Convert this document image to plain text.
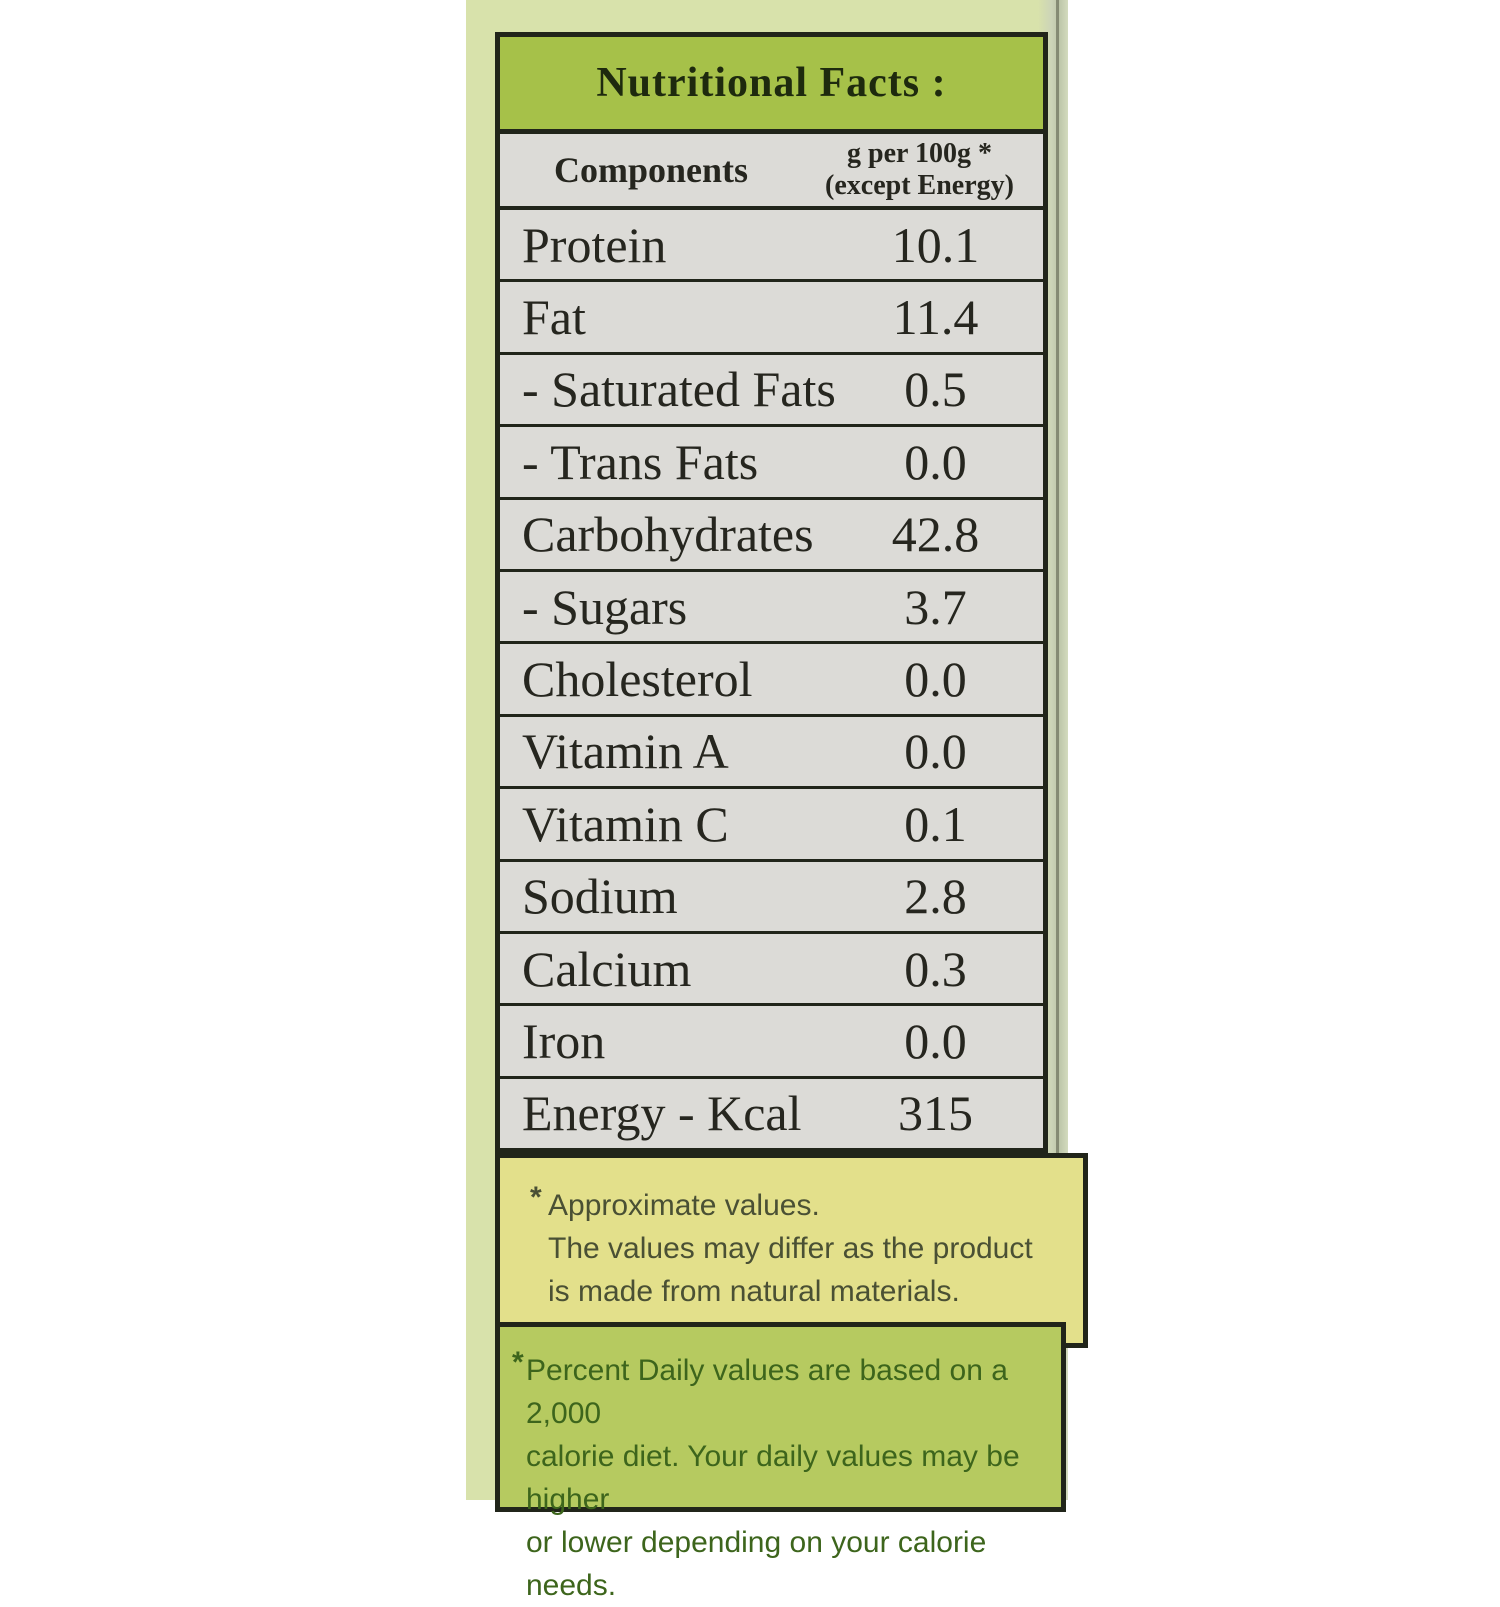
Nutritional Facts :
Components	g per 100g *
(except Energy)
Protein	10.1
Fat	11.4
- Saturated Fats	0.5
- Trans Fats	0.0
Carbohydrates	42.8
- Sugars	3.7
Cholesterol	0.0
Vitamin A	0.0
Vitamin C	0.1
Sodium	2.8
Calcium	0.3
Iron	0.0
Energy - Kcal	315
* Approximate values.
The values may differ as the product
is made from natural materials.
* Percent Daily values are based on a 2,000
calorie diet. Your daily values may be higher
or lower depending on your calorie needs.
